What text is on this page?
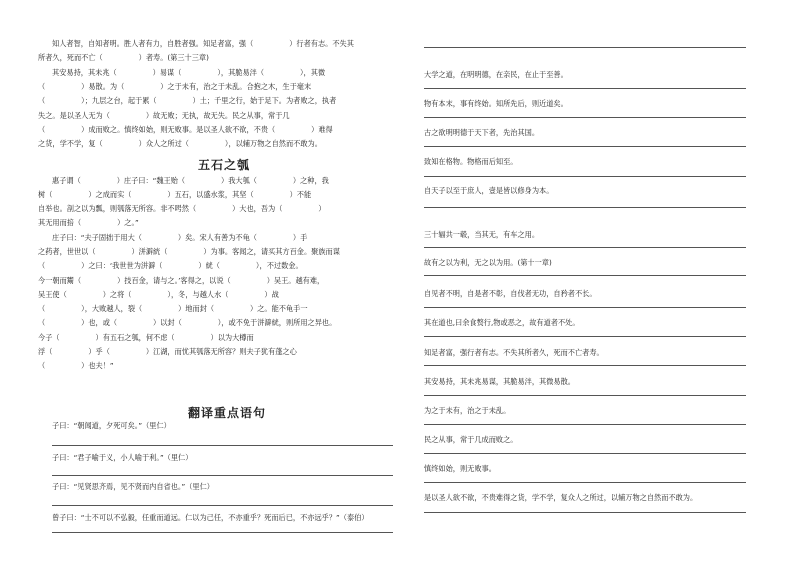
知人者智，自知者明。胜人者有力，自胜者强。知足者富，强（　　　　　）行者有志。不失其
所者久，死而不亡（　　　　　）者寿。(第三十三章)
其安易持，其未兆（　　　　　）易谋（　　　　　），其脆易泮（　　　　　），其微
（　　　　　）易散。为（　　　　　）之于未有，治之于未乱。合抱之木，生于毫末
（　　　　　）；九层之台，起于累（　　　　　）土；千里之行，始于足下。为者败之，执者
失之。是以圣人无为（　　　　　）故无败；无执，故无失。民之从事，常于几
（　　　　　）成而败之。慎终如始，则无败事。是以圣人欲不欲，不贵（　　　　　）难得
之货，学不学，复（　　　　　）众人之所过（　　　　　），以辅万物之自然而不敢为。
五石之瓠
惠子谓（　　　　　）庄子曰：“魏王贻（　　　　　）我大瓠（　　　　　）之种，我
树（　　　　　）之成而实（　　　　　）五石，以盛水浆，其坚（　　　　　）不能
自举也。剖之以为瓢，则瓠落无所容。非不呺然（　　　　　）大也，吾为（　　　　　）
其无用而掊（　　　　　）之。”
庄子曰：“夫子固拙于用大（　　　　　）矣。宋人有善为不龟（　　　　　）手
之药者，世世以（　　　　　）洴澼絖（　　　　　）为事。客闻之，请买其方百金。聚族而谋
（　　　　　）之曰：‘我世世为洴澼（　　　　　）絖（　　　　　），不过数金。
今一朝而鬻（　　　　　）技百金，请与之。’客得之，以说（　　　　　）吴王。越有难，
吴王使（　　　　　）之将（　　　　　），冬，与越人水（　　　　　）战
（　　　　　），大败越人，裂（　　　　　）地而封（　　　　　）之。能不龟手一
（　　　　　）也，或（　　　　　）以封（　　　　　），或不免于洴澼絖，则所用之异也。
今子（　　　　　）有五石之瓠，何不虑（　　　　　）以为大樽而
浮（　　　　　）乎（　　　　　）江湖，而忧其瓠落无所容？则夫子犹有蓬之心
（　　　　　）也夫！”
翻译重点语句
子曰：“朝闻道，夕死可矣。”（里仁）
子曰：“君子喻于义，小人喻于利。”（里仁）
子曰：“见贤思齐焉，见不贤而内自省也。”（里仁）
曾子曰：“士不可以不弘毅，任重而道远。仁以为己任，不亦重乎？死而后已，不亦远乎？”（泰伯）
大学之道，在明明德，在亲民，在止于至善。
物有本末，事有终始。知所先后，则近道矣。
古之欲明明德于天下者，先治其国。
致知在格物。物格而后知至。
自天子以至于庶人，壹是皆以修身为本。
三十辐共一毂，当其无，有车之用。
故有之以为利，无之以为用。(第十一章)
自见者不明，自是者不彰，自伐者无功，自矜者不长。
其在道也,曰余食赘行,物或恶之，故有道者不处。
知足者富，强行者有志。不失其所者久，死而不亡者寿。
其安易持，其未兆易谋，其脆易泮，其微易散。
为之于未有，治之于未乱。
民之从事，常于几成而败之。
慎终如始，则无败事。
是以圣人欲不欲，不贵难得之货，学不学，复众人之所过，以辅万物之自然而不敢为。
